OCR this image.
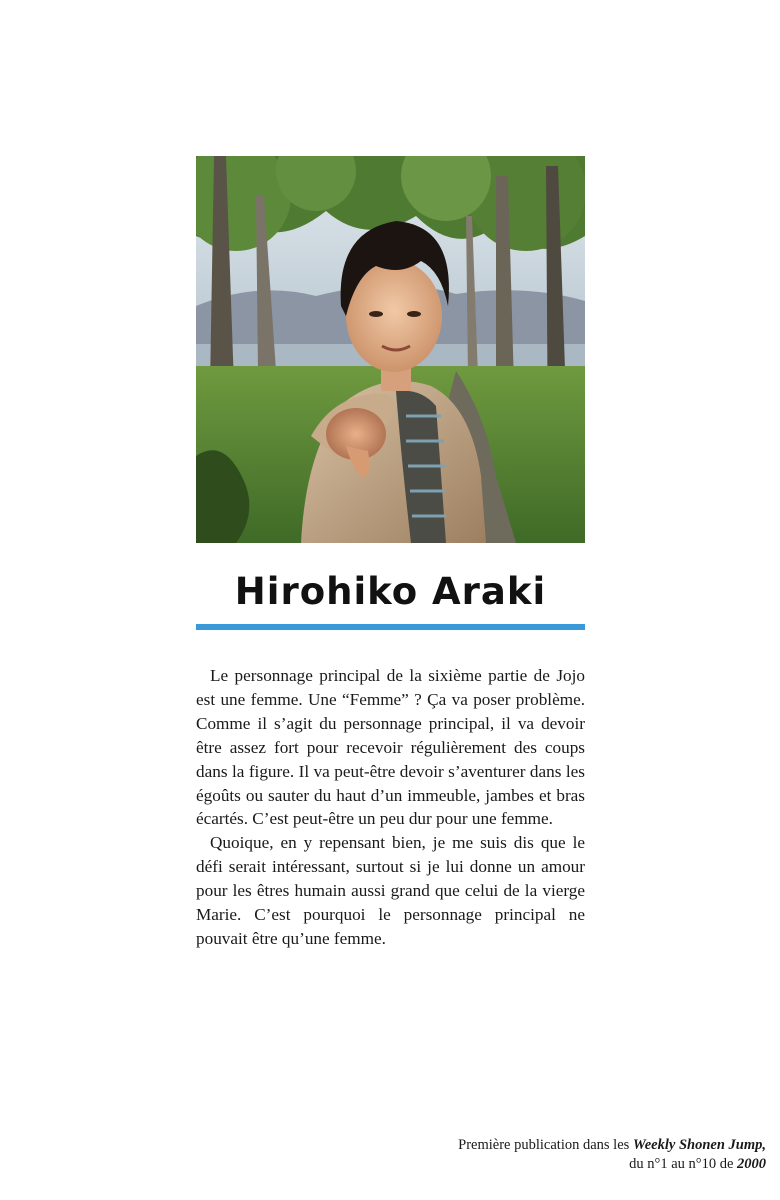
Hirohiko Araki

Le personnage principal de la sixième partie de Jojo est une femme. Une “Femme” ? Ça va poser problème. Comme il s’agit du personnage principal, il va devoir être assez fort pour recevoir régulièrement des coups dans la figure. Il va peut-être devoir s’aventurer dans les égoûts ou sauter du haut d’un immeuble, jambes et bras écartés. C’est peut-être un peu dur pour une femme.

Quoique, en y repensant bien, je me suis dis que le défi serait intéressant, surtout si je lui donne un amour pour les êtres humain aussi grand que celui de la vierge Marie. C’est pourquoi le personnage principal ne pouvait être qu’une femme.

Première publication dans les Weekly Shonen Jump,
du n°1 au n°10 de 2000
